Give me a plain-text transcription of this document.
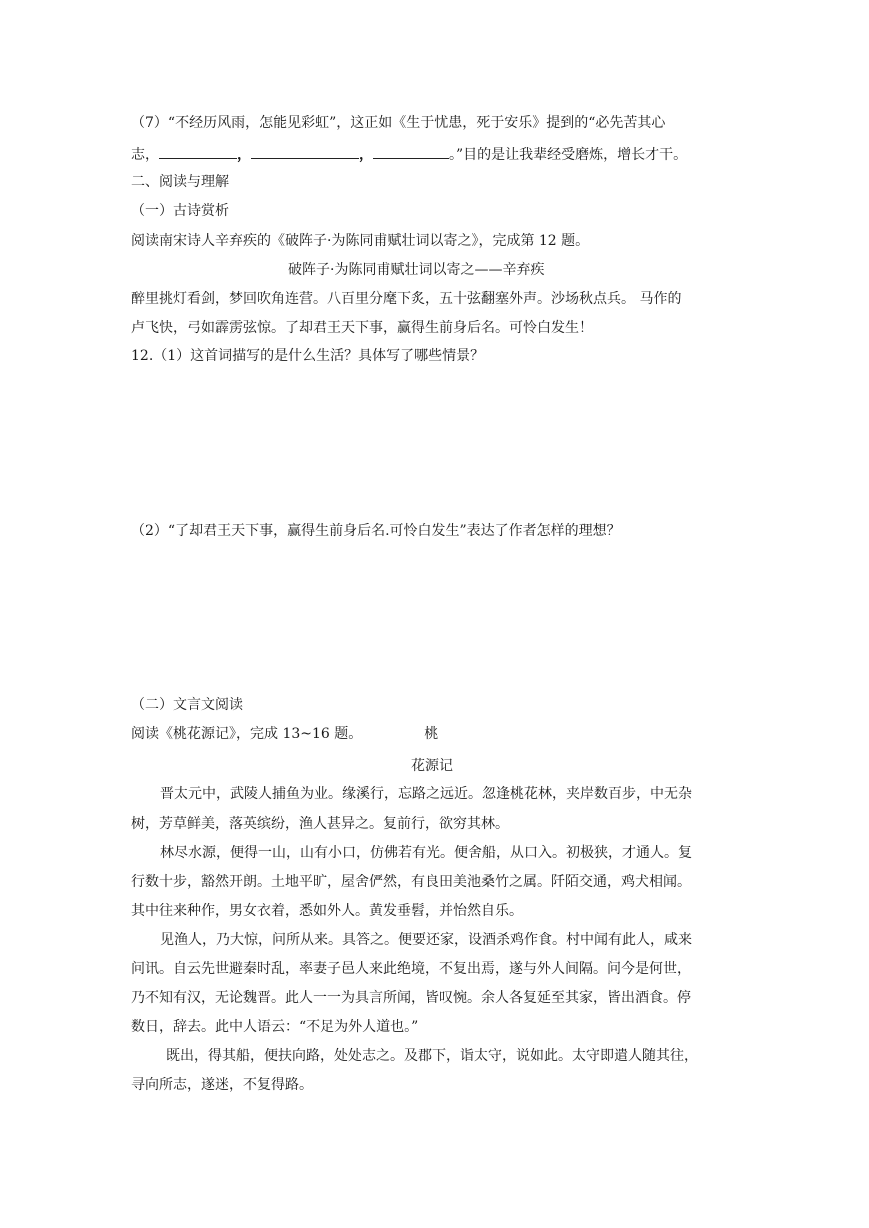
（7）“不经历风雨，怎能见彩虹”，这正如《生于忧患，死于安乐》提到的“必先苦其心
志，	，	，	。”目的是让我辈经受磨炼，增长才干。
二、阅读与理解
（一）古诗赏析
阅读南宋诗人辛弃疾的《破阵子·为陈同甫赋壮词以寄之》，完成第 12 题。
破阵子·为陈同甫赋壮词以寄之——辛弃疾
醉里挑灯看剑，梦回吹角连营。八百里分麾下炙，五十弦翻塞外声。沙场秋点兵。 马作的
卢飞快，弓如霹雳弦惊。了却君王天下事，赢得生前身后名。可怜白发生！
12.（1）这首词描写的是什么生活？具体写了哪些情景？
（2）“了却君王天下事，赢得生前身后名.可怜白发生”表达了作者怎样的理想？
（二）文言文阅读
阅读《桃花源记》，完成 13~16 题。	桃
花源记
晋太元中，武陵人捕鱼为业。缘溪行，忘路之远近。忽逢桃花林，夹岸数百步，中无杂
树，芳草鲜美，落英缤纷，渔人甚异之。复前行，欲穷其林。
林尽水源，便得一山，山有小口，仿佛若有光。便舍船，从口入。初极狭，才通人。复
行数十步，豁然开朗。土地平旷，屋舍俨然，有良田美池桑竹之属。阡陌交通，鸡犬相闻。
其中往来种作，男女衣着，悉如外人。黄发垂髫，并怡然自乐。
见渔人，乃大惊，问所从来。具答之。便要还家，设酒杀鸡作食。村中闻有此人，咸来
问讯。自云先世避秦时乱，率妻子邑人来此绝境，不复出焉，遂与外人间隔。问今是何世，
乃不知有汉，无论魏晋。此人一一为具言所闻，皆叹惋。余人各复延至其家，皆出酒食。停
数日，辞去。此中人语云：“不足为外人道也。”
既出，得其船，便扶向路，处处志之。及郡下，诣太守，说如此。太守即遣人随其往，
寻向所志，遂迷，不复得路。
